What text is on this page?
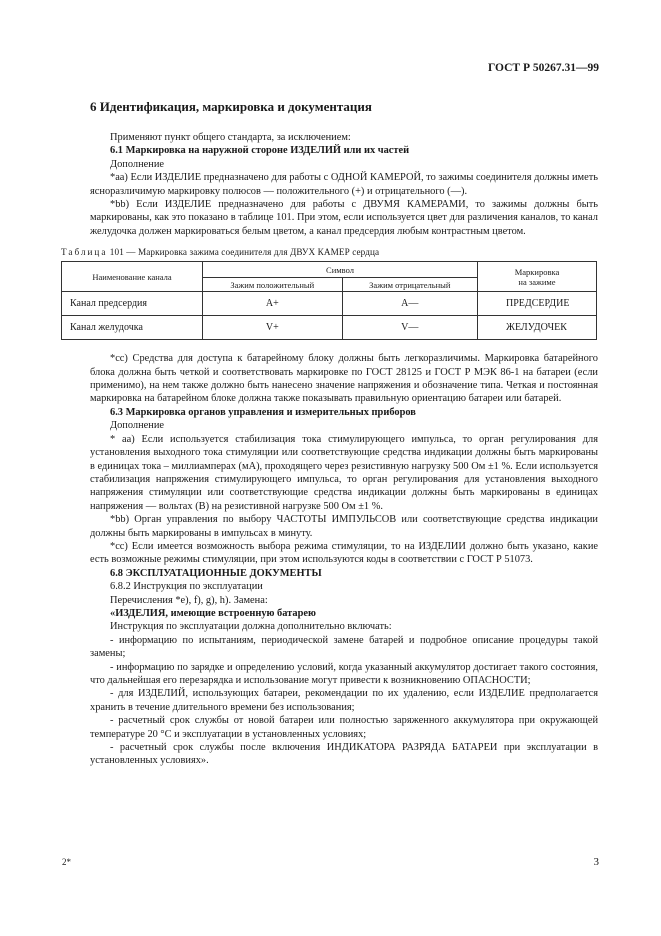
ГОСТ Р 50267.31—99
6 Идентификация, маркировка и документация

Применяют пункт общего стандарта, за исключением:

6.1 Маркировка на наружной стороне ИЗДЕЛИЙ или их частей

Дополнение

*аа) Если ИЗДЕЛИЕ предназначено для работы с ОДНОЙ КАМЕРОЙ, то зажимы соединителя должны иметь ясноразличимую маркировку полюсов — положительного (+) и отрицательного (—).

*bb) Если ИЗДЕЛИЕ предназначено для работы с ДВУМЯ КАМЕРАМИ, то зажимы должны быть маркированы, как это показано в таблице 101. При этом, если используется цвет для различения каналов, то канал желудочка должен маркироваться белым цветом, а канал предсердия любым контрастным цветом.

Таблица 101 — Маркировка зажима соединителя для ДВУХ КАМЕР сердца
Наименование канала	Символ		Маркировка
на зажиме
	Зажим положительный	Зажим отрицательный	
Канал предсердия	А+	А—	ПРЕДСЕРДИЕ
Канал желудочка	V+	V—	ЖЕЛУДОЧЕК

*сс) Средства для доступа к батарейному блоку должны быть легкоразличимы. Маркировка батарейного блока должна быть четкой и соответствовать маркировке по ГОСТ 28125 и ГОСТ Р МЭК 86-1 на батареи (если применимо), на нем также должно быть нанесено значение напряжения и обозначение типа. Четкая и постоянная маркировка на батарейном блоке должна также показывать правильную ориентацию батареи или батарей.

6.3 Маркировка органов управления и измерительных приборов

Дополнение

* аа) Если используется стабилизация тока стимулирующего импульса, то орган регулирования для установления выходного тока стимуляции или соответствующие средства индикации должны быть маркированы в единицах тока – миллиамперах (мА), проходящего через резистивную нагрузку 500 Ом ±1 %. Если используется стабилизация напряжения стимулирующего импульса, то орган регулирования для установления выходного напряжения стимуляции или соответствующие средства индикации должны быть маркированы в единицах напряжения — вольтах (В) на резистивной нагрузке 500 Ом ±1 %.

*bb) Орган управления по выбору ЧАСТОТЫ ИМПУЛЬСОВ или соответствующие средства индикации должны быть маркированы в импульсах в минуту.

*сс) Если имеется возможность выбора режима стимуляции, то на ИЗДЕЛИИ должно быть указано, какие есть возможные режимы стимуляции, при этом используются коды в соответствии с ГОСТ Р 51073.

6.8 ЭКСПЛУАТАЦИОННЫЕ ДОКУМЕНТЫ

6.8.2 Инструкция по эксплуатации

Перечисления *е), f), g), h). Замена:

«ИЗДЕЛИЯ, имеющие встроенную батарею

Инструкция по эксплуатации должна дополнительно включать:

- информацию по испытаниям, периодической замене батарей и подробное описание процедуры такой замены;

- информацию по зарядке и определению условий, когда указанный аккумулятор достигает такого состояния, что дальнейшая его перезарядка и использование могут привести к возникновению ОПАСНОСТИ;

- для ИЗДЕЛИЙ, использующих батареи, рекомендации по их удалению, если ИЗДЕЛИЕ предполагается хранить в течение длительного времени без использования;

- расчетный срок службы от новой батареи или полностью заряженного аккумулятора при окружающей температуре 20 °С и эксплуатации в установленных условиях;

- расчетный срок службы после включения ИНДИКАТОРА РАЗРЯДА БАТАРЕИ при эксплуатации в установленных условиях».

2*	3
